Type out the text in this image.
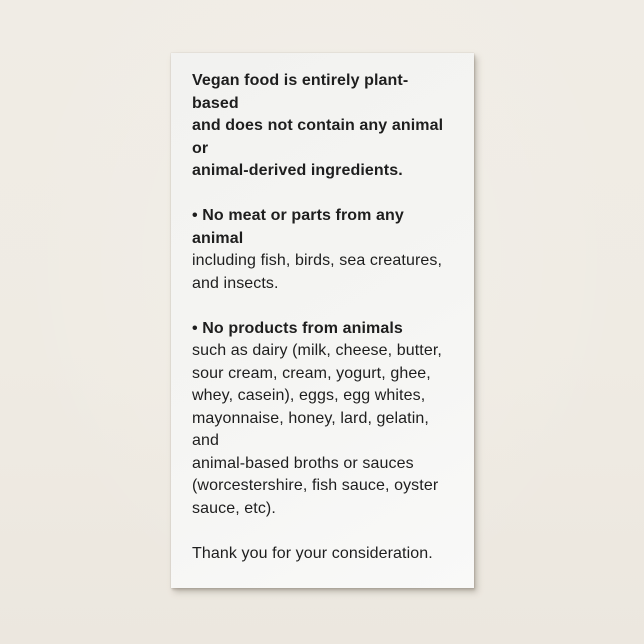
Vegan food is entirely plant-based
and does not contain any animal or
animal-derived ingredients.

• No meat or parts from any animal
including fish, birds, sea creatures,
and insects.

• No products from animals
such as dairy (milk, cheese, butter,
sour cream, cream, yogurt, ghee,
whey, casein), eggs, egg whites,
mayonnaise, honey, lard, gelatin, and
animal-based broths or sauces
(worcestershire, fish sauce, oyster
sauce, etc).

Thank you for your consideration.
